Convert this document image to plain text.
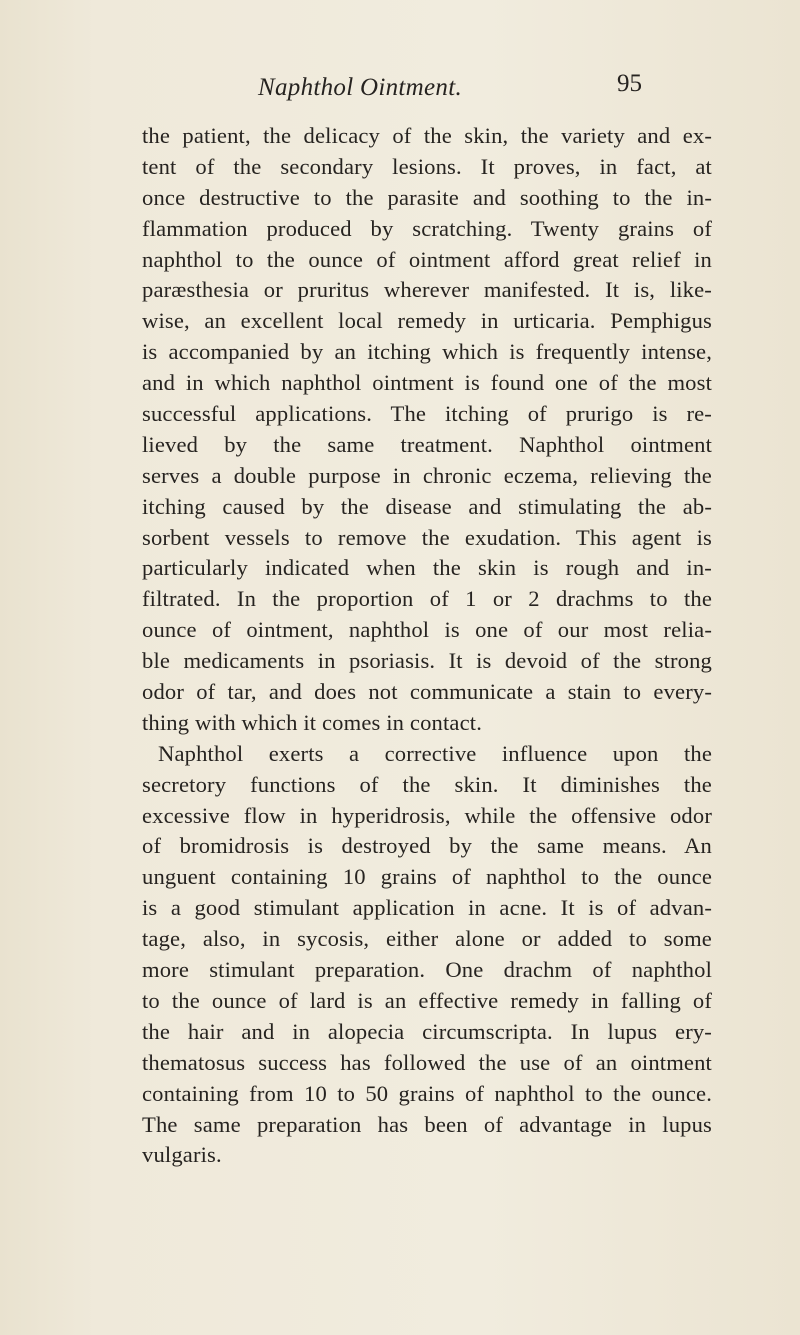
Naphthol Ointment.	95
the patient, the delicacy of the skin, the variety and ex-
tent of the secondary lesions. It proves, in fact, at
once destructive to the parasite and soothing to the in-
flammation produced by scratching. Twenty grains of
naphthol to the ounce of ointment afford great relief in
paræsthesia or pruritus wherever manifested. It is, like-
wise, an excellent local remedy in urticaria. Pemphigus
is accompanied by an itching which is frequently intense,
and in which naphthol ointment is found one of the most
successful applications. The itching of prurigo is re-
lieved by the same treatment. Naphthol ointment
serves a double purpose in chronic eczema, relieving the
itching caused by the disease and stimulating the ab-
sorbent vessels to remove the exudation. This agent is
particularly indicated when the skin is rough and in-
filtrated. In the proportion of 1 or 2 drachms to the
ounce of ointment, naphthol is one of our most relia-
ble medicaments in psoriasis. It is devoid of the strong
odor of tar, and does not communicate a stain to every-
thing with which it comes in contact.
Naphthol exerts a corrective influence upon the
secretory functions of the skin. It diminishes the
excessive flow in hyperidrosis, while the offensive odor
of bromidrosis is destroyed by the same means. An
unguent containing 10 grains of naphthol to the ounce
is a good stimulant application in acne. It is of advan-
tage, also, in sycosis, either alone or added to some
more stimulant preparation. One drachm of naphthol
to the ounce of lard is an effective remedy in falling of
the hair and in alopecia circumscripta. In lupus ery-
thematosus success has followed the use of an ointment
containing from 10 to 50 grains of naphthol to the ounce.
The same preparation has been of advantage in lupus
vulgaris.
